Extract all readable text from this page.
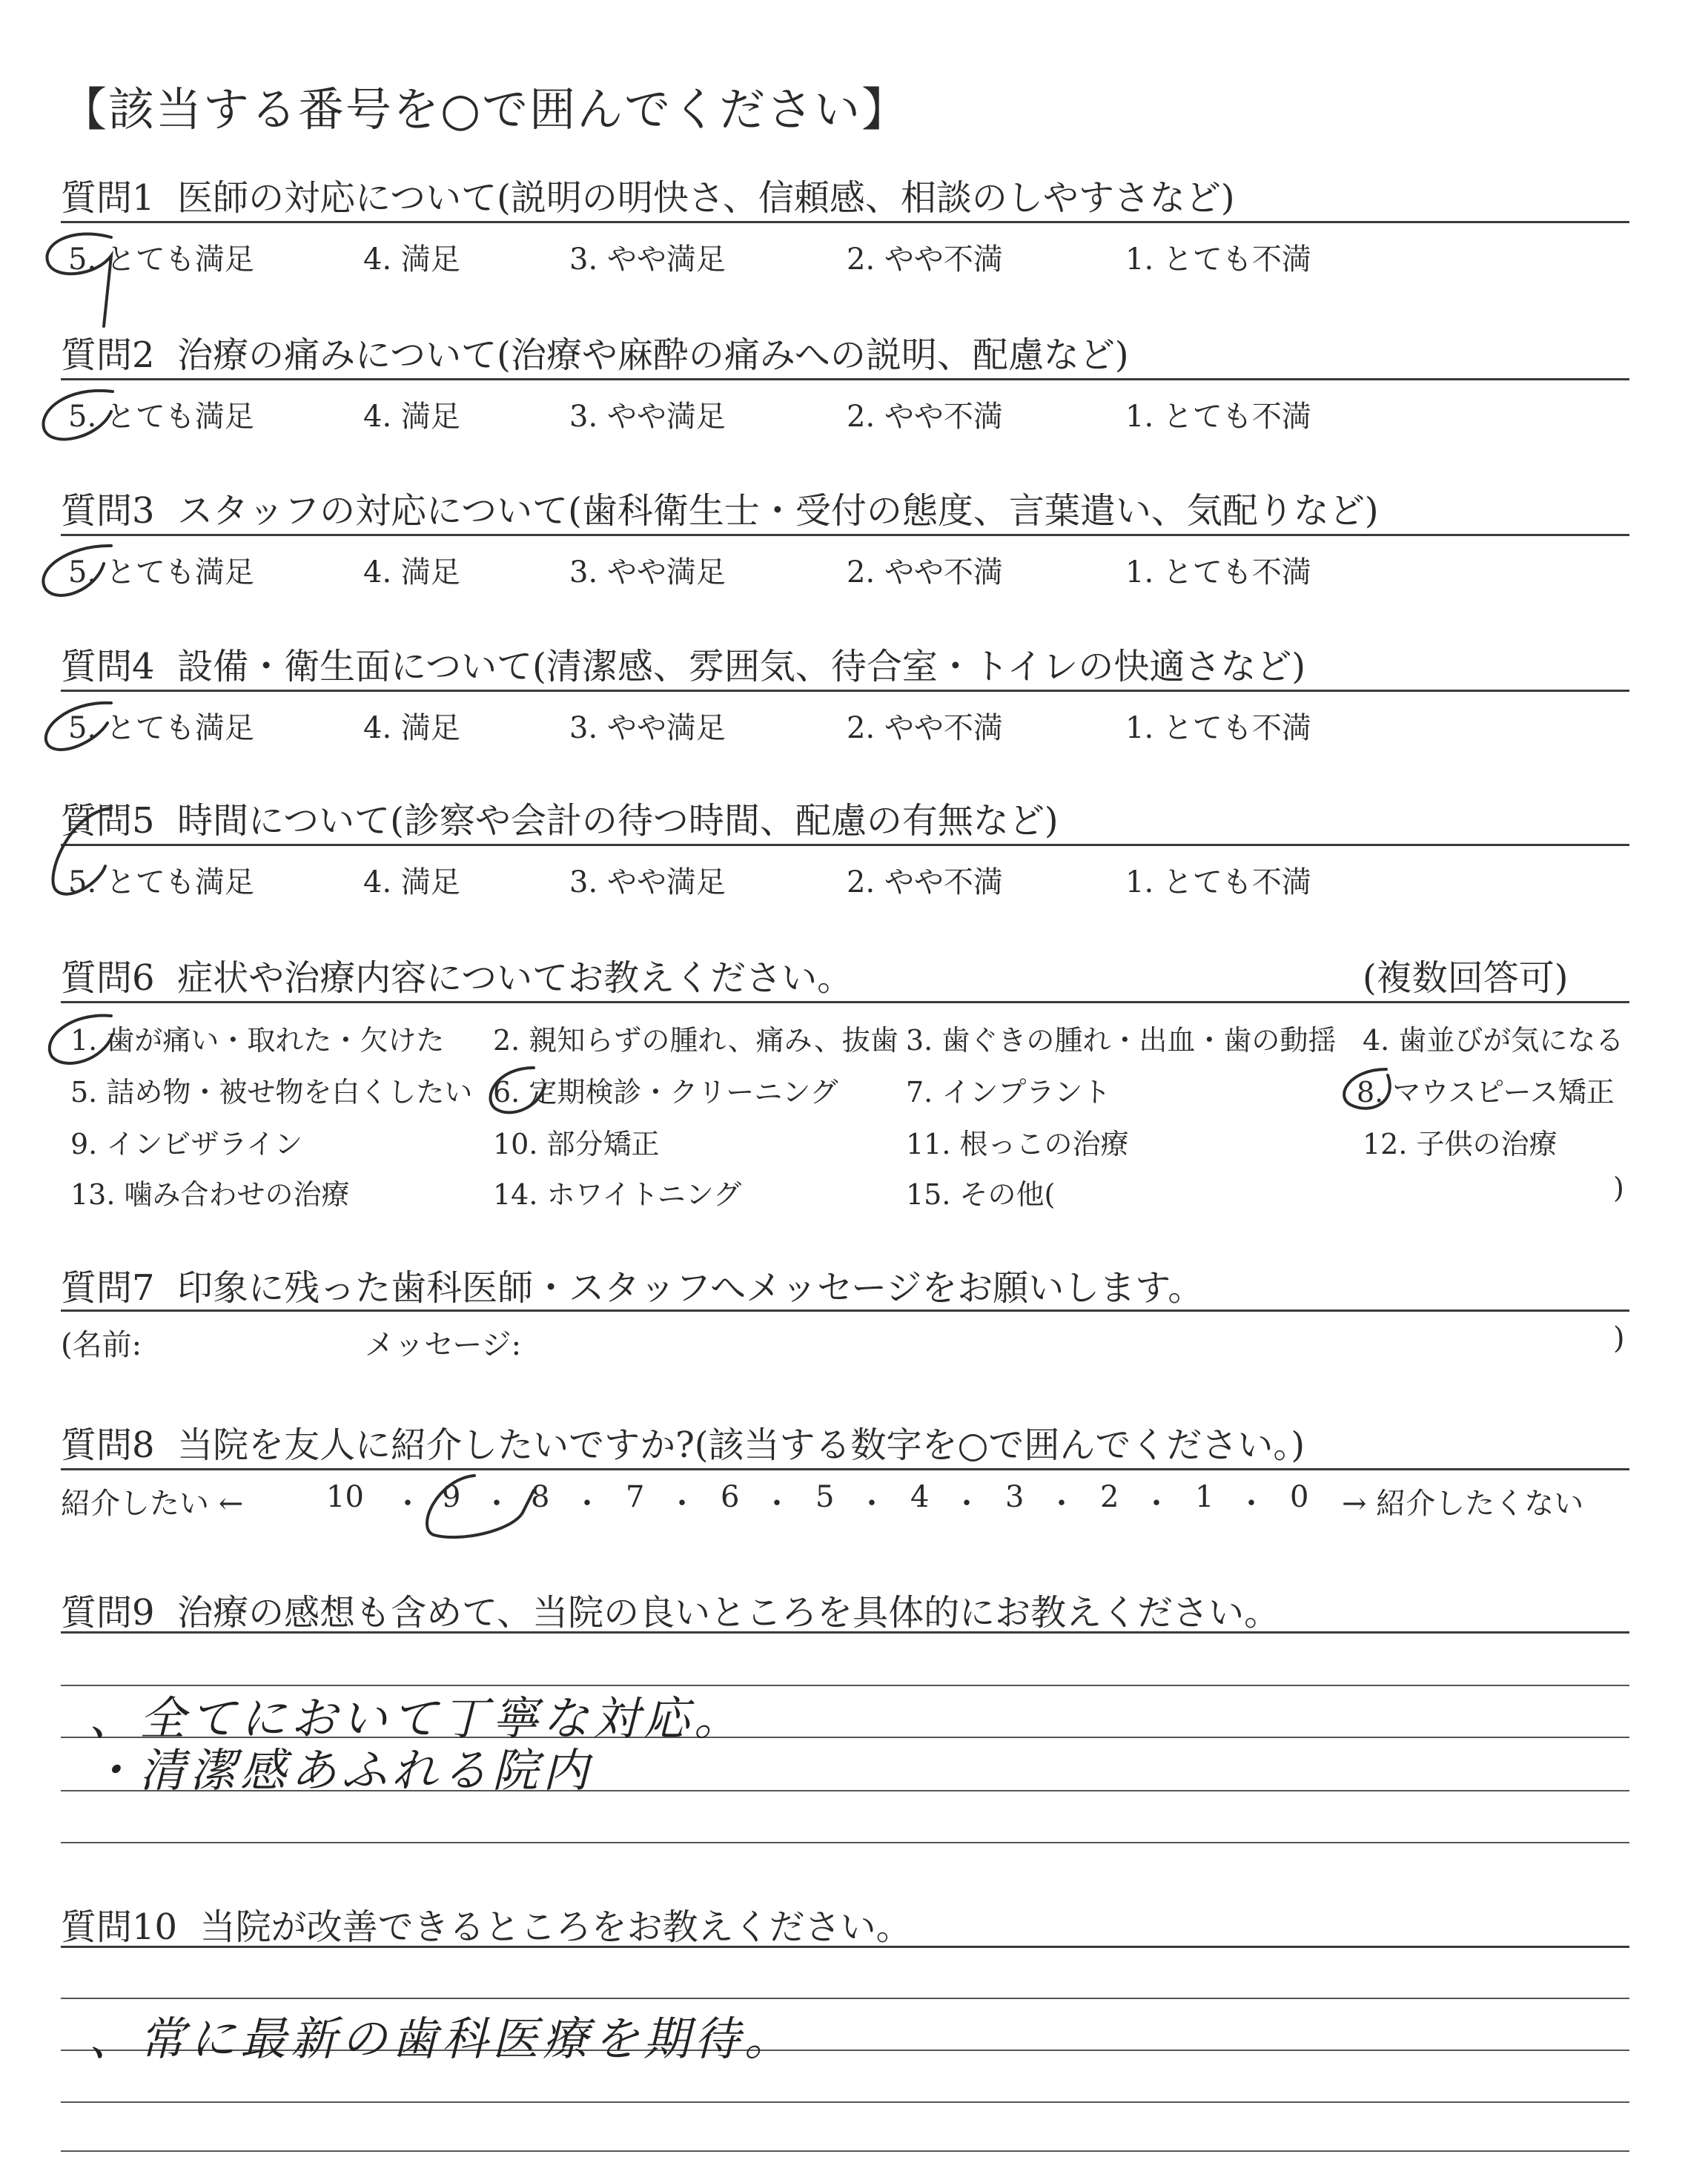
【該当する番号を○で囲んでください】
質問1 医師の対応について(説明の明快さ、信頼感、相談のしやすさなど)
5. とても満足	4. 満足	3. やや満足	2. やや不満	1. とても不満
質問2 治療の痛みについて(治療や麻酔の痛みへの説明、配慮など)
5. とても満足	4. 満足	3. やや満足	2. やや不満	1. とても不満
質問3 スタッフの対応について(歯科衛生士・受付の態度、言葉遣い、気配りなど)
5. とても満足	4. 満足	3. やや満足	2. やや不満	1. とても不満
質問4 設備・衛生面について(清潔感、雰囲気、待合室・トイレの快適さなど)
5. とても満足	4. 満足	3. やや満足	2. やや不満	1. とても不満
質問5 時間について(診察や会計の待つ時間、配慮の有無など)
5. とても満足	4. 満足	3. やや満足	2. やや不満	1. とても不満
質問6 症状や治療内容についてお教えください。	(複数回答可)
1. 歯が痛い・取れた・欠けた 2. 親知らずの腫れ、痛み、抜歯 3. 歯ぐきの腫れ・出血・歯の動揺 4. 歯並びが気になる
5. 詰め物・被せ物を白くしたい 6. 定期検診・クリーニング 7. インプラント	8. マウスピース矯正
9. インビザライン	10. 部分矯正	11. 根っこの治療	12. 子供の治療
13. 噛み合わせの治療	14. ホワイトニング	15. その他(	)
質問7 印象に残った歯科医師・スタッフへメッセージをお願いします。
(名前:	メッセージ:	)
質問8 当院を友人に紹介したいですか?(該当する数字を○で囲んでください。)
紹介したい ←	10 ・ 9 ・ 8 ・ 7 ・ 6 ・ 5 ・ 4 ・ 3 ・ 2 ・ 1 ・ 0 → 紹介したくない
質問9 治療の感想も含めて、当院の良いところを具体的にお教えください。
、全てにおいて丁寧な対応。
・清潔感あふれる院内
質問10 当院が改善できるところをお教えください。
、常に最新の歯科医療を期待。
